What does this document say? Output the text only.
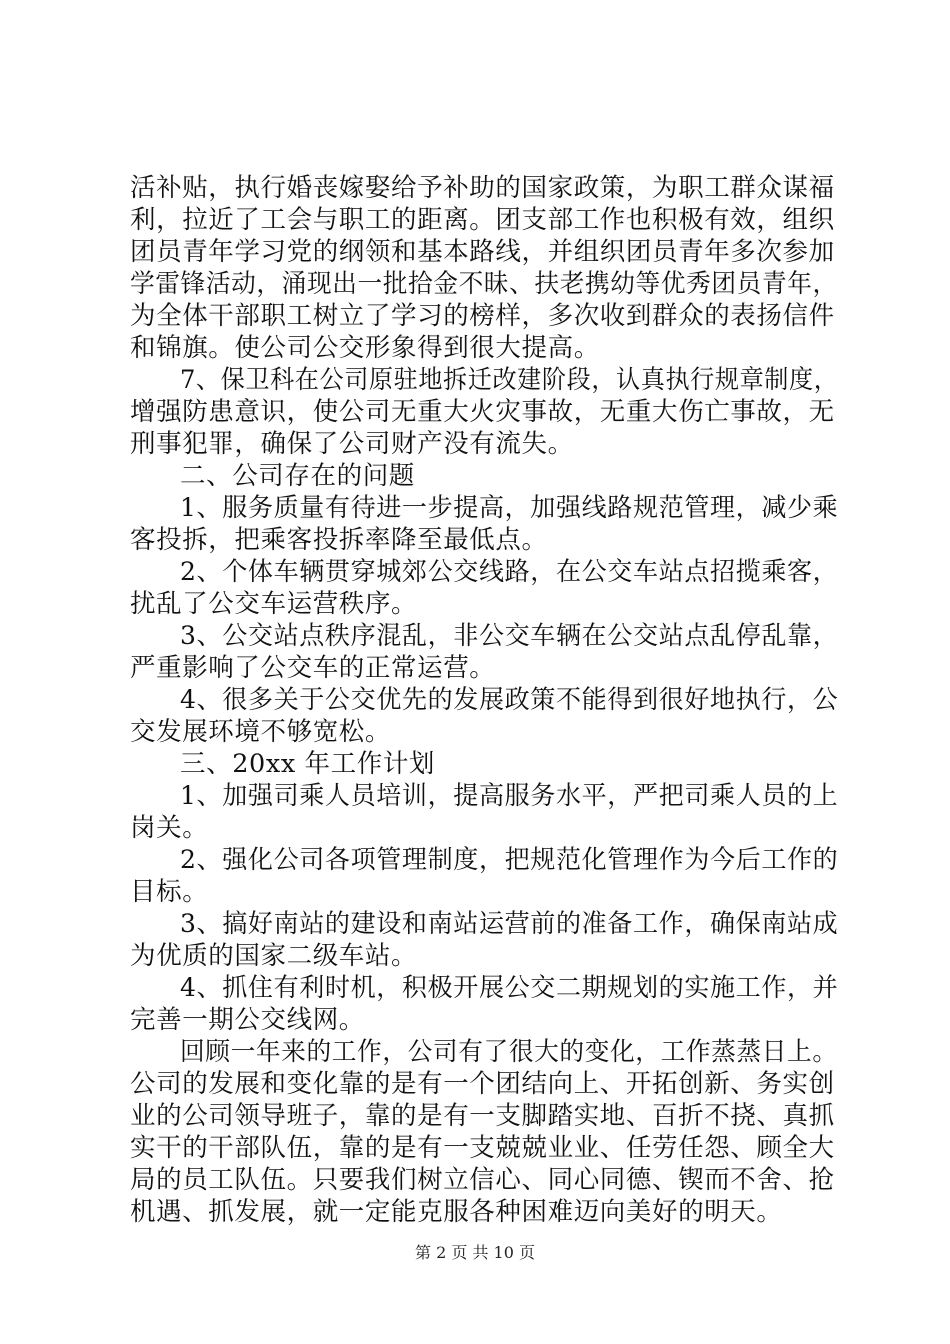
活补贴，执行婚丧嫁娶给予补助的国家政策，为职工群众谋福
利，拉近了工会与职工的距离。团支部工作也积极有效，组织
团员青年学习党的纲领和基本路线，并组织团员青年多次参加
学雷锋活动，涌现出一批拾金不昧、扶老携幼等优秀团员青年，
为全体干部职工树立了学习的榜样，多次收到群众的表扬信件
和锦旗。使公司公交形象得到很大提高。
7、保卫科在公司原驻地拆迁改建阶段，认真执行规章制度，
增强防患意识，使公司无重大火灾事故，无重大伤亡事故，无
刑事犯罪，确保了公司财产没有流失。
二、公司存在的问题
1、服务质量有待进一步提高，加强线路规范管理，减少乘
客投拆，把乘客投拆率降至最低点。
2、个体车辆贯穿城郊公交线路，在公交车站点招揽乘客，
扰乱了公交车运营秩序。
3、公交站点秩序混乱，非公交车辆在公交站点乱停乱靠，
严重影响了公交车的正常运营。
4、很多关于公交优先的发展政策不能得到很好地执行，公
交发展环境不够宽松。
三、20xx 年工作计划
1、加强司乘人员培训，提高服务水平，严把司乘人员的上
岗关。
2、强化公司各项管理制度，把规范化管理作为今后工作的
目标。
3、搞好南站的建设和南站运营前的准备工作，确保南站成
为优质的国家二级车站。
4、抓住有利时机，积极开展公交二期规划的实施工作，并
完善一期公交线网。
回顾一年来的工作，公司有了很大的变化，工作蒸蒸日上。
公司的发展和变化靠的是有一个团结向上、开拓创新、务实创
业的公司领导班子，靠的是有一支脚踏实地、百折不挠、真抓
实干的干部队伍，靠的是有一支兢兢业业、任劳任怨、顾全大
局的员工队伍。只要我们树立信心、同心同德、锲而不舍、抢
机遇、抓发展，就一定能克服各种困难迈向美好的明天。
第 2 页 共 10 页
